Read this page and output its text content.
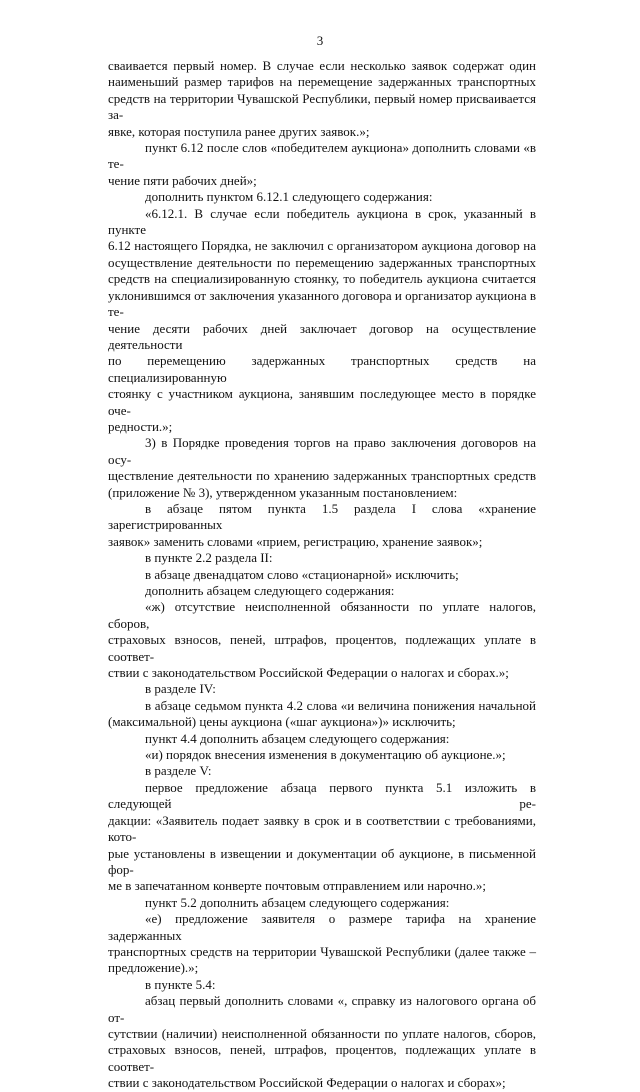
3
сваивается первый номер. В случае если несколько заявок содержат один
наименьший размер тарифов на перемещение задержанных транспортных
средств на территории Чувашской Республики, первый номер присваивается за-
явке, которая поступила ранее других заявок.»;
пункт 6.12 после слов «победителем аукциона» дополнить словами «в те-
чение пяти рабочих дней»;
дополнить пунктом 6.12.1 следующего содержания:
«6.12.1. В случае если победитель аукциона в срок, указанный в пункте
6.12 настоящего Порядка, не заключил с организатором аукциона договор на
осуществление деятельности по перемещению задержанных транспортных
средств на специализированную стоянку, то победитель аукциона считается
уклонившимся от заключения указанного договора и организатор аукциона в те-
чение десяти рабочих дней заключает договор на осуществление деятельности
по перемещению задержанных транспортных средств на специализированную
стоянку с участником аукциона, занявшим последующее место в порядке оче-
редности.»;
3) в Порядке проведения торгов на право заключения договоров на осу-
ществление деятельности по хранению задержанных транспортных средств
(приложение № 3), утвержденном указанным постановлением:
в абзаце пятом пункта 1.5 раздела I слова «хранение зарегистрированных
заявок» заменить словами «прием, регистрацию, хранение заявок»;
в пункте 2.2 раздела II:
в абзаце двенадцатом слово «стационарной» исключить;
дополнить абзацем следующего содержания:
«ж) отсутствие неисполненной обязанности по уплате налогов, сборов,
страховых взносов, пеней, штрафов, процентов, подлежащих уплате в соответ-
ствии с законодательством Российской Федерации о налогах и сборах.»;
в разделе IV:
в абзаце седьмом пункта 4.2 слова «и величина понижения начальной
(максимальной) цены аукциона («шаг аукциона»)» исключить;
пункт 4.4 дополнить абзацем следующего содержания:
«и) порядок внесения изменения в документацию об аукционе.»;
в разделе V:
первое предложение абзаца первого пункта 5.1 изложить в следующей ре-
дакции: «Заявитель подает заявку в срок и в соответствии с требованиями, кото-
рые установлены в извещении и документации об аукционе, в письменной фор-
ме в запечатанном конверте почтовым отправлением или нарочно.»;
пункт 5.2 дополнить абзацем следующего содержания:
«е) предложение заявителя о размере тарифа на хранение задержанных
транспортных средств на территории Чувашской Республики (далее также –
предложение).»;
в пункте 5.4:
абзац первый дополнить словами «, справку из налогового органа об от-
сутствии (наличии) неисполненной обязанности по уплате налогов, сборов,
страховых взносов, пеней, штрафов, процентов, подлежащих уплате в соответ-
ствии с законодательством Российской Федерации о налогах и сборах»;
